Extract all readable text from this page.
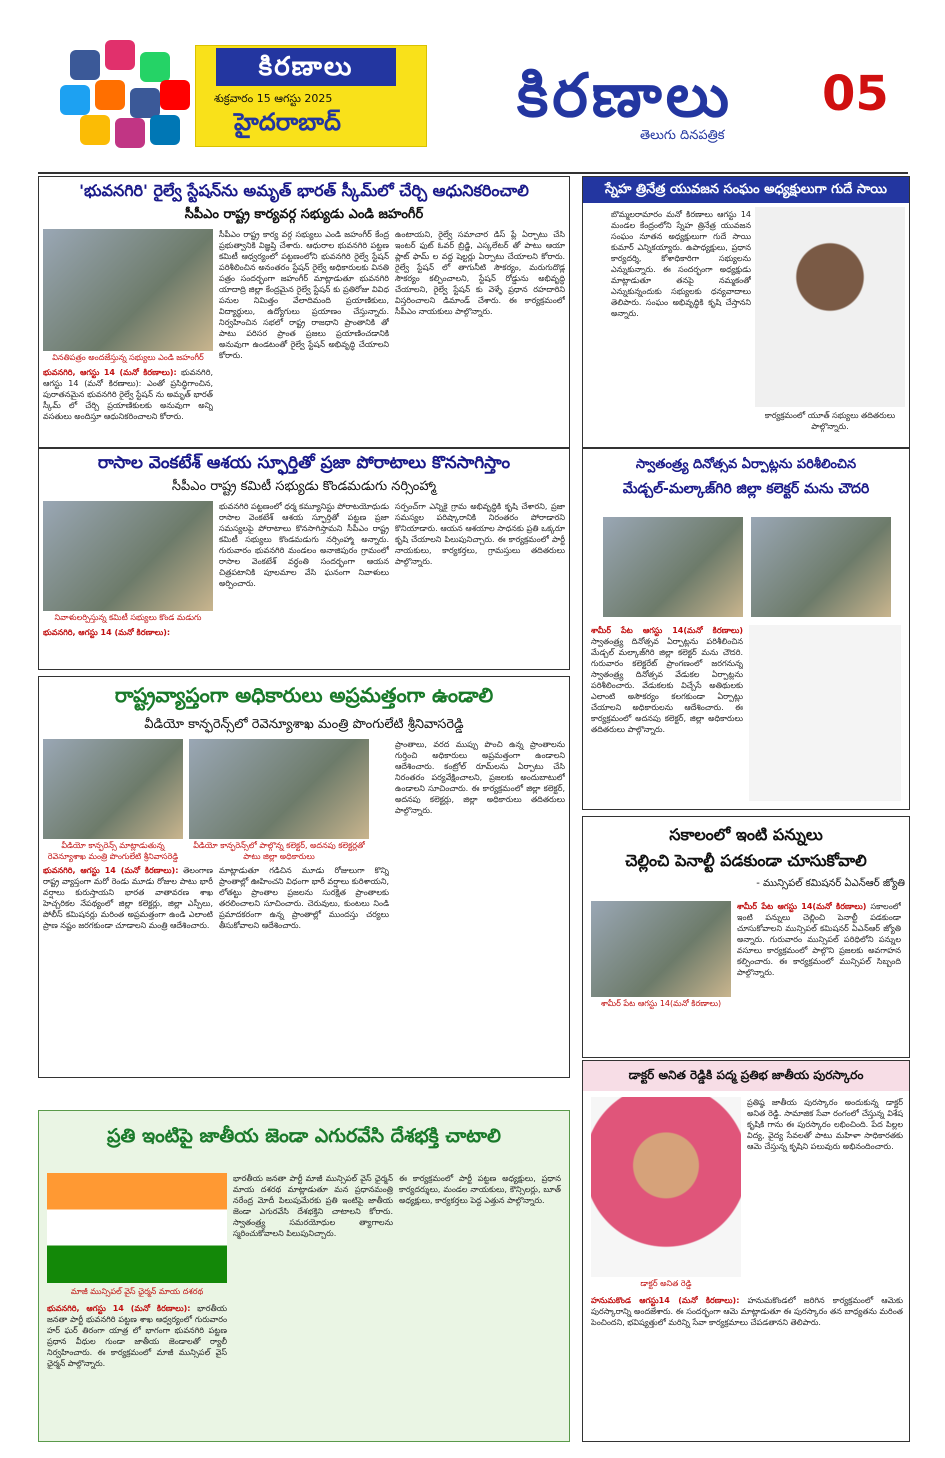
కిరణాలు
శుక్రవారం 15 ఆగస్టు 2025
హైదరాబాద్	కిరణాలు
తెలుగు దినపత్రిక
05
'భువనగిరి' రైల్వే స్టేషన్‌ను అమృత్ భారత్ స్కీమ్‌లో చేర్చి ఆధునికరించాలి
సీపీఎం రాష్ట్ర కార్యవర్గ సభ్యుడు ఎండి జహంగీర్
వినతిపత్రం అందజేస్తున్న సభ్యులు ఎండి జహంగీర్
భువనగిరి, ఆగస్టు 14 (మనో కిరణాలు): భువనగిరి, ఆగస్టు 14 (మనో కిరణాలు): ఎంతో ప్రసిద్ధిగాంచిన, పురాతనమైన భువనగిరి రైల్వే స్టేషన్ ను అమృత్ భారత్ స్కీమ్ లో చేర్చి ప్రయాణికులకు అనువుగా అన్ని వసతులు అందిస్తూ ఆధునికరించాలని కోరారు.
సీపీఎం రాష్ట్ర కార్య వర్గ సభ్యులు ఎండి జహంగీర్ కేంద్ర ప్రభుత్వానికి విజ్ఞప్తి చేశారు. ఆధురాల భువనగిరి పట్టణ కమిటీ ఆధ్వర్యంలో పట్టణంలోని భువనగిరి రైల్వే స్టేషన్ పరిశీలించిన అనంతరం స్టేషన్ రైల్వే అధికారులకు వినతి పత్రం సందర్భంగా జహంగీర్ మాట్లాడుతూ భువనగిరి యాదాద్రి జిల్లా కేంద్రమైన రైల్వే స్టేషన్ కు ప్రతిరోజు వివిధ పనుల నిమిత్తం వేలాదిమంది ప్రయాణికులు, విద్యార్థులు, ఉద్యోగులు ప్రయాణం చేస్తున్నారు. నిర్వహించిన సభలో రాష్ట్ర రాజధాని ప్రాంతానికి తో పాటు పరిసర ప్రాంత ప్రజలు ప్రయాణించడానికి అనువుగా ఉండటంతో రైల్వే స్టేషన్ అభివృద్ధి చేయాలని కోరారు.
ఉంటాయని, రైల్వే సమాచార డిస్ ప్లే ఏర్పాటు చేసి ఇంటర్ ఫుట్ ఓవర్ బ్రిడ్జి, ఎస్కలేటర్ తో పాటు ఆయా ప్లాట్ ఫామ్ ల వద్ద షెల్టర్లు ఏర్పాటు చేయాలని కోరారు. రైల్వే స్టేషన్ లో తాగునీటి సౌకర్యం, మరుగుదొడ్ల సౌకర్యం కల్పించాలని, స్టేషన్ రోడ్డును అభివృద్ధి చేయాలని, రైల్వే స్టేషన్ కు వెళ్ళే ప్రధాన రహదారిని విస్తరించాలని డిమాండ్ చేశారు. ఈ కార్యక్రమంలో సీపీఎం నాయకులు పాల్గొన్నారు.
స్నేహ త్రినేత్ర యువజన సంఘం అధ్యక్షులుగా గుదే సాయి
బొమ్మలరామారం మనో కిరణాలు ఆగస్టు 14 మండల కేంద్రంలోని స్నేహ త్రినేత్ర యువజన సంఘం నూతన అధ్యక్షులుగా గుదే సాయి కుమార్ ఎన్నికయ్యారు. ఉపాధ్యక్షులు, ప్రధాన కార్యదర్శి, కోశాధికారిగా సభ్యులను ఎన్నుకున్నారు. ఈ సందర్భంగా అధ్యక్షుడు మాట్లాడుతూ తనపై నమ్మకంతో ఎన్నుకున్నందుకు సభ్యులకు ధన్యవాదాలు తెలిపారు. సంఘం అభివృద్ధికి కృషి చేస్తానని అన్నారు.
కార్యక్రమంలో యూత్ సభ్యులు తదితరులు పాల్గొన్నారు.
రాసాల వెంకటేశ్ ఆశయ స్ఫూర్తితో ప్రజా పోరాటాలు కొనసాగిస్తాం
సీపీఎం రాష్ట్ర కమిటీ సభ్యుడు కొండమడుగు నర్సింహ్మా
నివాళులర్పిస్తున్న కమిటీ సభ్యులు కొండ మడుగు
భువనగిరి, ఆగస్టు 14 (మనో కిరణాలు):
భువనగిరి పట్టణంలో ధర్మ కమ్యూనిస్టు పోరాటయోధుడు రాసాల వెంకటేశ్ ఆశయ స్ఫూర్తితో పట్టణ ప్రజా సమస్యలపై పోరాటాలు కొనసాగిస్తామని సీపీఎం రాష్ట్ర కమిటీ సభ్యులు కొండమడుగు నర్సింహ్మా అన్నారు. గురువారం భువనగిరి మండలం అనాజిపురం గ్రామంలో రాసాల వెంకటేశ్ వర్ధంతి సందర్భంగా ఆయన చిత్రపటానికి పూలమాల వేసి ఘనంగా నివాళులు అర్పించారు.
సర్పంచ్‌గా ఎన్నికై గ్రామ అభివృద్ధికి కృషి చేశారని, ప్రజా సమస్యల పరిష్కారానికి నిరంతరం పోరాడారని కొనియాడారు. ఆయన ఆశయాల సాధనకు ప్రతి ఒక్కరూ కృషి చేయాలని పిలుపునిచ్చారు. ఈ కార్యక్రమంలో పార్టీ నాయకులు, కార్యకర్తలు, గ్రామస్తులు తదితరులు పాల్గొన్నారు.
స్వాతంత్ర్య దినోత్సవ ఏర్పాట్లను పరిశీలించిన
మేడ్చల్-మల్కాజ్‌గిరి జిల్లా కలెక్టర్ మను చౌదరి
శామీర్ పేట ఆగస్టు 14(మనో కిరణాలు) స్వాతంత్ర్య దినోత్సవ ఏర్పాట్లను పరిశీలించిన మేడ్చల్ మల్కాజ్‌గిరి జిల్లా కలెక్టర్ మను చౌదరి. గురువారం కలెక్టరేట్ ప్రాంగణంలో జరగనున్న స్వాతంత్ర్య దినోత్సవ వేడుకల ఏర్పాట్లను పరిశీలించారు. వేడుకలకు విచ్చేసే అతిథులకు ఎలాంటి అసౌకర్యం కలగకుండా ఏర్పాట్లు చేయాలని అధికారులను ఆదేశించారు. ఈ కార్యక్రమంలో అదనపు కలెక్టర్, జిల్లా అధికారులు తదితరులు పాల్గొన్నారు.
రాష్ట్రవ్యాప్తంగా అధికారులు అప్రమత్తంగా ఉండాలి
వీడియో కాన్ఫరెన్స్‌లో రెవెన్యూశాఖ మంత్రి పొంగులేటి శ్రీనివాసరెడ్డి
వీడియో కాన్ఫరెన్స్ మాట్లాడుతున్న రెవెన్యూశాఖ మంత్రి పొంగులేటి శ్రీనివాసరెడ్డి
వీడియో కాన్ఫరెన్స్‌లో పాల్గొన్న కలెక్టర్, అదనపు కలెక్టర్లతో పాటు జిల్లా అధికారులు
భువనగిరి, ఆగస్టు 14 (మనో కిరణాలు): తెలంగాణ రాష్ట్ర వ్యాప్తంగా మరో రెండు మూడు రోజుల పాటు భారీ వర్షాలు కురుస్తాయని భారత వాతావరణ శాఖ హెచ్చరికల నేపథ్యంలో జిల్లా కలెక్టర్లు, జిల్లా ఎస్పీలు, పోలీస్ కమిషనర్లు మరింత అప్రమత్తంగా ఉండి ఎలాంటి ప్రాణ నష్టం జరగకుండా చూడాలని మంత్రి ఆదేశించారు.
మాట్లాడుతూ గడిచిన మూడు రోజులుగా కొన్ని ప్రాంతాల్లో ఊహించని విధంగా భారీ వర్షాలు కురిశాయని, లోతట్టు ప్రాంతాల ప్రజలను సురక్షిత ప్రాంతాలకు తరలించాలని సూచించారు. చెరువులు, కుంటలు నిండి ప్రమాదకరంగా ఉన్న ప్రాంతాల్లో ముందస్తు చర్యలు తీసుకోవాలని ఆదేశించారు.
ప్రాంతాలు, వరద ముప్పు పొంచి ఉన్న ప్రాంతాలను గుర్తించి అధికారులు అప్రమత్తంగా ఉండాలని ఆదేశించారు. కంట్రోల్ రూమ్‌లను ఏర్పాటు చేసి నిరంతరం పర్యవేక్షించాలని, ప్రజలకు అందుబాటులో ఉండాలని సూచించారు. ఈ కార్యక్రమంలో జిల్లా కలెక్టర్, అదనపు కలెక్టర్లు, జిల్లా అధికారులు తదితరులు పాల్గొన్నారు.
సకాలంలో ఇంటి పన్నులు
చెల్లించి పెనాల్టీ పడకుండా చూసుకోవాలి
- మున్సిపల్ కమిషనర్ ఏఎన్ఆర్ జ్యోతి
శామీర్ పేట ఆగస్టు 14(మనో కిరణాలు)
శామీర్ పేట ఆగస్టు 14(మనో కిరణాలు) సకాలంలో ఇంటి పన్నులు చెల్లించి పెనాల్టీ పడకుండా చూసుకోవాలని మున్సిపల్ కమిషనర్ ఏఎన్ఆర్ జ్యోతి అన్నారు. గురువారం మున్సిపల్ పరిధిలోని పన్నుల వసూలు కార్యక్రమంలో పాల్గొని ప్రజలకు అవగాహన కల్పించారు. ఈ కార్యక్రమంలో మున్సిపల్ సిబ్బంది పాల్గొన్నారు.
డాక్టర్ అనిత రెడ్డికి పద్మ ప్రతిభ జాతీయ పురస్కారం
డాక్టర్ అనిత రెడ్డి
ప్రతిష్ఠ జాతీయ పురస్కారం అందుకున్న డాక్టర్ అనిత రెడ్డి. సామాజిక సేవా రంగంలో చేస్తున్న విశేష కృషికి గాను ఈ పురస్కారం లభించింది. పేద పిల్లల విద్య, వైద్య సేవలతో పాటు మహిళా సాధికారతకు ఆమె చేస్తున్న కృషిని పలువురు అభినందించారు.
హనుమకొండ ఆగస్టు14 (మనో కిరణాలు): హనుమకొండలో జరిగిన కార్యక్రమంలో ఆమెకు పురస్కారాన్ని అందజేశారు. ఈ సందర్భంగా ఆమె మాట్లాడుతూ ఈ పురస్కారం తన బాధ్యతను మరింత పెంచిందని, భవిష్యత్తులో మరిన్ని సేవా కార్యక్రమాలు చేపడతానని తెలిపారు.
ప్రతి ఇంటిపై జాతీయ జెండా ఎగురవేసి దేశభక్తి చాటాలి
మాజీ మున్సిపల్ వైస్ ఛైర్మన్ మాయ దశరథ
భువనగిరి, ఆగస్టు 14 (మనో కిరణాలు): భారతీయ జనతా పార్టీ భువనగిరి పట్టణ శాఖ ఆధ్వర్యంలో గురువారం హర్ ఘర్ తిరంగా యాత్ర లో భాగంగా భువనగిరి పట్టణ ప్రధాన వీధుల గుండా జాతీయ జెండాలతో ర్యాలీ నిర్వహించారు. ఈ కార్యక్రమంలో మాజీ మున్సిపల్ వైస్ ఛైర్మన్ పాల్గొన్నారు.
భారతీయ జనతా పార్టీ మాజీ మున్సిపల్ వైస్ ఛైర్మన్ మాయ దశరథ మాట్లాడుతూ మన ప్రధానమంత్రి నరేంద్ర మోదీ పిలుపుమేరకు ప్రతి ఇంటిపై జాతీయ జెండా ఎగురవేసి దేశభక్తిని చాటాలని కోరారు. స్వాతంత్ర్య సమరయోధుల త్యాగాలను స్మరించుకోవాలని పిలుపునిచ్చారు.
ఈ కార్యక్రమంలో పార్టీ పట్టణ అధ్యక్షులు, ప్రధాన కార్యదర్శులు, మండల నాయకులు, కౌన్సిలర్లు, బూత్ అధ్యక్షులు, కార్యకర్తలు పెద్ద ఎత్తున పాల్గొన్నారు.
